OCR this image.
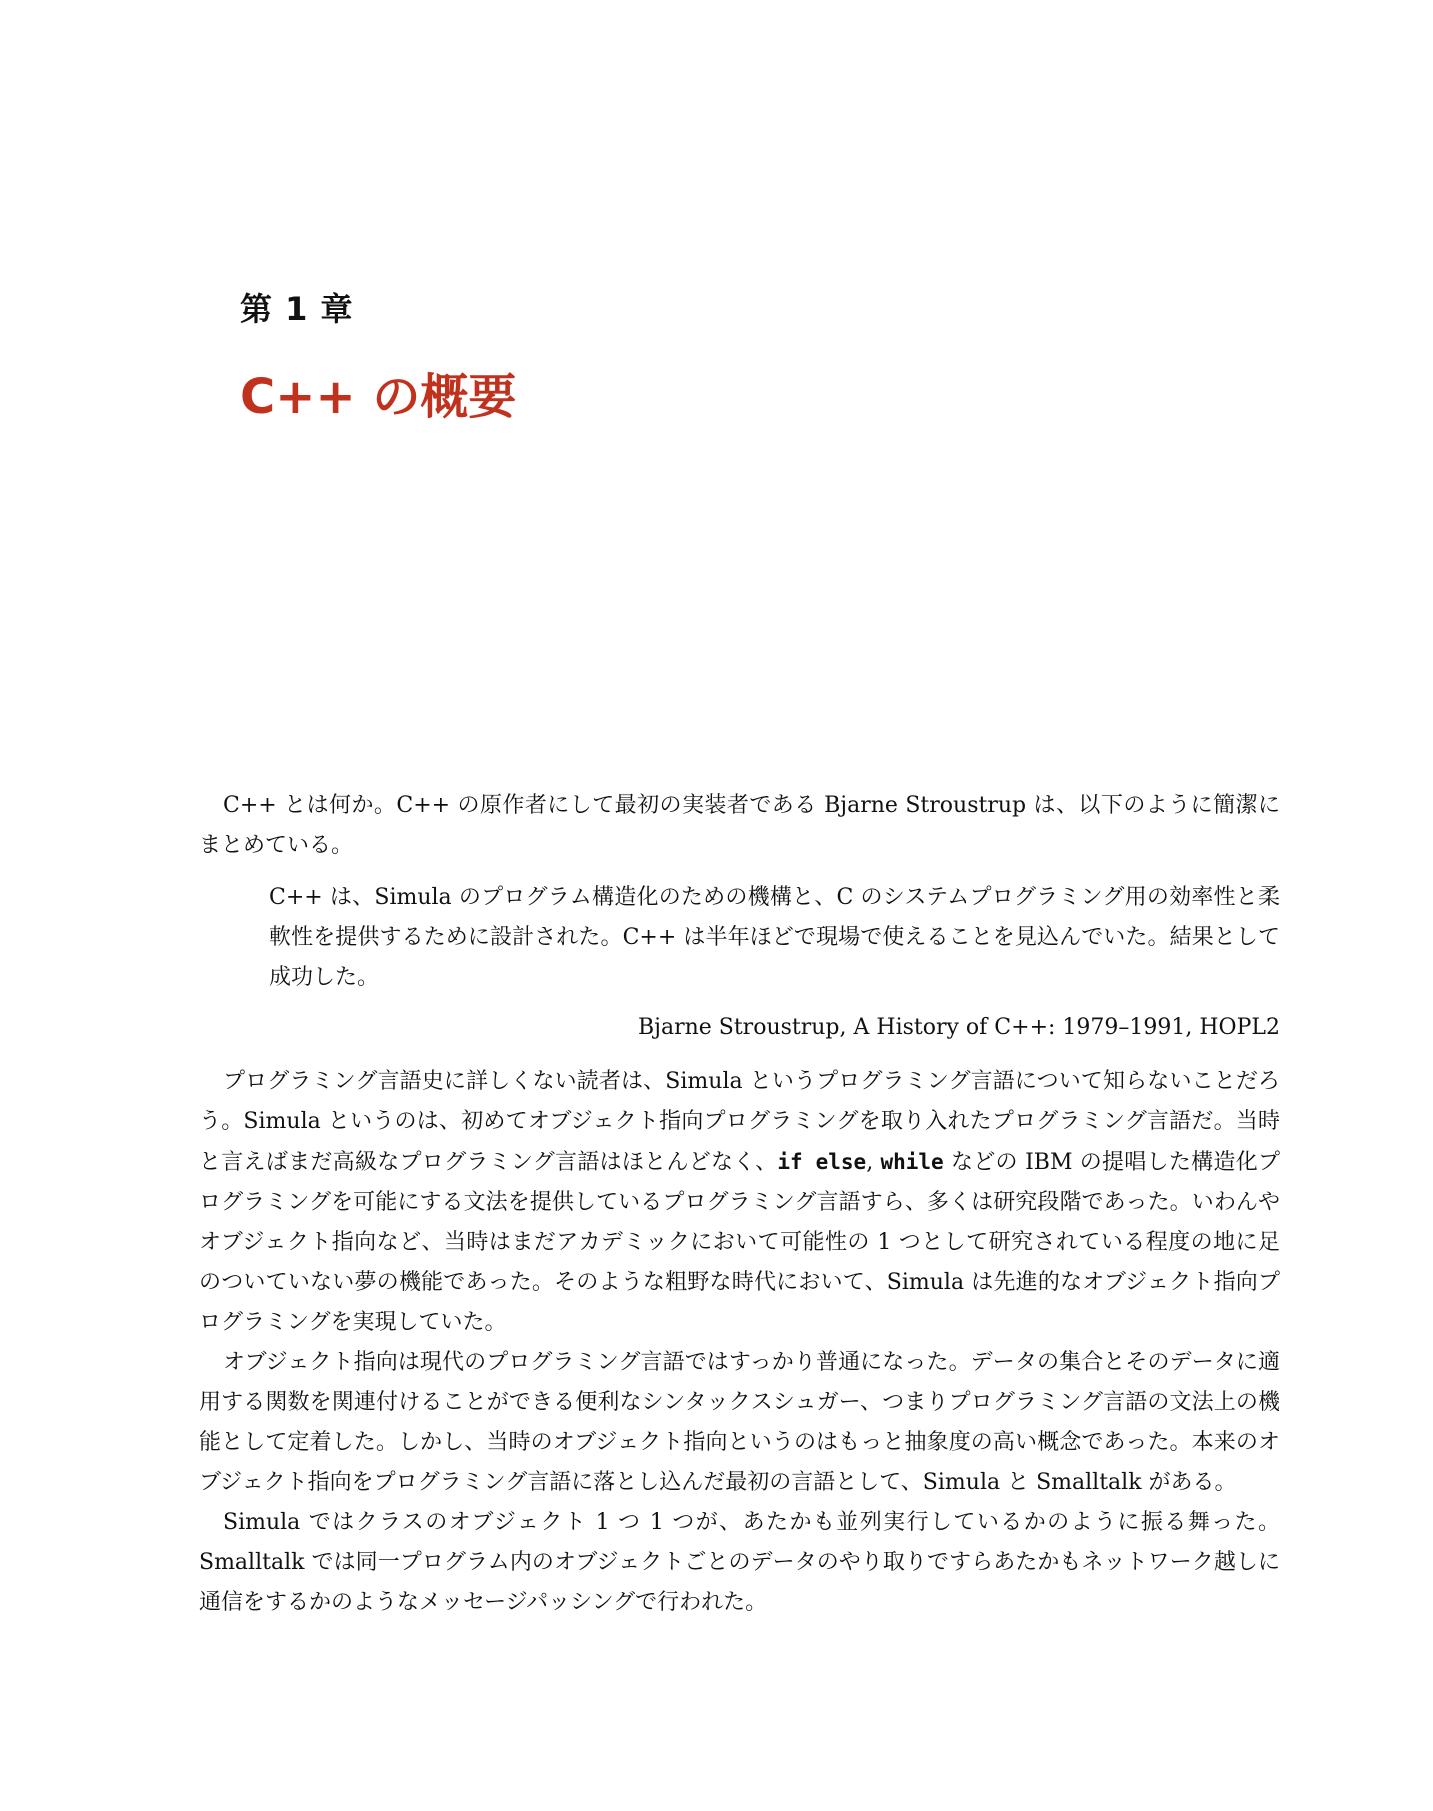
第 1 章
C++ の概要

C++ とは何か。C++ の原作者にして最初の実装者である Bjarne Stroustrup は、以下のように簡潔にまとめている。

C++ は、Simula のプログラム構造化のための機構と、C のシステムプログラミング用の効率性と柔軟性を提供するために設計された。C++ は半年ほどで現場で使えることを見込んでいた。結果として成功した。

Bjarne Stroustrup, A History of C++: 1979–1991, HOPL2

プログラミング言語史に詳しくない読者は、Simula というプログラミング言語について知らないことだろう。Simula というのは、初めてオブジェクト指向プログラミングを取り入れたプログラミング言語だ。当時と言えばまだ高級なプログラミング言語はほとんどなく、if else, while などの IBM の提唱した構造化プログラミングを可能にする文法を提供しているプログラミング言語すら、多くは研究段階であった。いわんやオブジェクト指向など、当時はまだアカデミックにおいて可能性の 1 つとして研究されている程度の地に足のついていない夢の機能であった。そのような粗野な時代において、Simula は先進的なオブジェクト指向プログラミングを実現していた。

オブジェクト指向は現代のプログラミング言語ではすっかり普通になった。データの集合とそのデータに適用する関数を関連付けることができる便利なシンタックスシュガー、つまりプログラミング言語の文法上の機能として定着した。しかし、当時のオブジェクト指向というのはもっと抽象度の高い概念であった。本来のオブジェクト指向をプログラミング言語に落とし込んだ最初の言語として、Simula と Smalltalk がある。

Simula ではクラスのオブジェクト 1 つ 1 つが、あたかも並列実行しているかのように振る舞った。Smalltalk では同一プログラム内のオブジェクトごとのデータのやり取りですらあたかもネットワーク越しに通信をするかのようなメッセージパッシングで行われた。
